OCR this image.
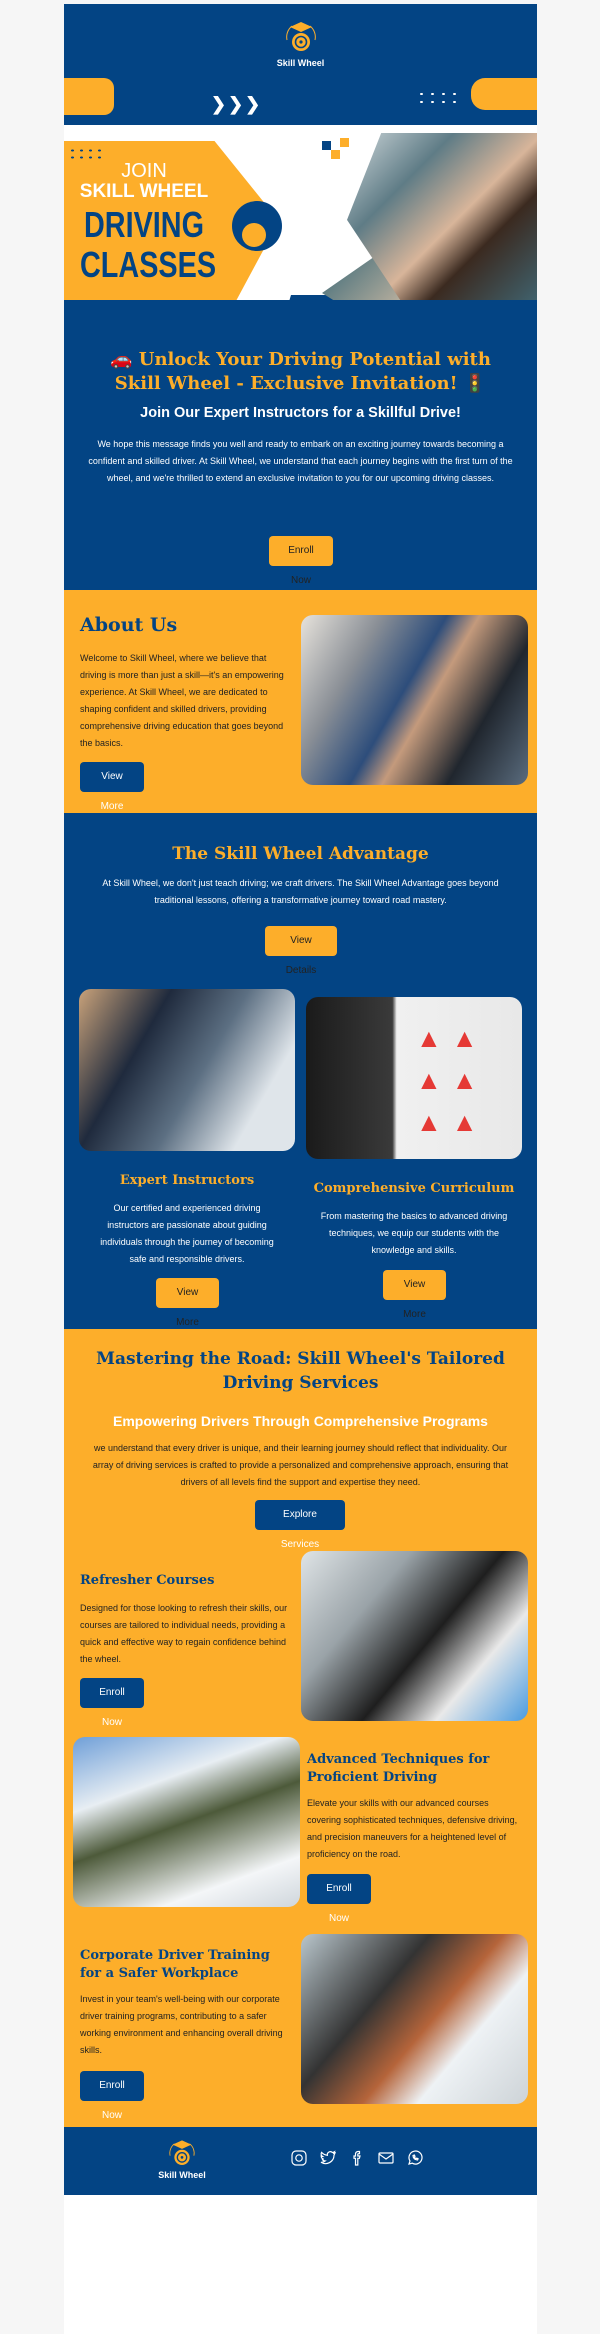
Skill Wheel
❯❯❯
JOIN
SKILL WHEEL
DRIVING
CLASSES
🚗 Unlock Your Driving Potential with Skill Wheel - Exclusive Invitation! 🚦
Join Our Expert Instructors for a Skillful Drive!

We hope this message finds you well and ready to embark on an exciting journey towards becoming a confident and skilled driver. At Skill Wheel, we understand that each journey begins with the first turn of the wheel, and we're thrilled to extend an exclusive invitation to you for our upcoming driving classes.

Enroll Now
About Us

Welcome to Skill Wheel, where we believe that driving is more than just a skill—it's an empowering experience. At Skill Wheel, we are dedicated to shaping confident and skilled drivers, providing comprehensive driving education that goes beyond the basics.

View More
The Skill Wheel Advantage

At Skill Wheel, we don't just teach driving; we craft drivers. The Skill Wheel Advantage goes beyond traditional lessons, offering a transformative journey toward road mastery.

View Details
Expert Instructors

Our certified and experienced driving instructors are passionate about guiding individuals through the journey of becoming safe and responsible drivers.

View More
▲▲
▲▲
▲▲
Comprehensive Curriculum

From mastering the basics to advanced driving techniques, we equip our students with the knowledge and skills.

View More
Mastering the Road: Skill Wheel's Tailored Driving Services
Empowering Drivers Through Comprehensive Programs

we understand that every driver is unique, and their learning journey should reflect that individuality. Our array of driving services is crafted to provide a personalized and comprehensive approach, ensuring that drivers of all levels find the support and expertise they need.

Explore Services
Refresher Courses

Designed for those looking to refresh their skills, our courses are tailored to individual needs, providing a quick and effective way to regain confidence behind the wheel.

Enroll Now
Advanced Techniques for Proficient Driving

Elevate your skills with our advanced courses covering sophisticated techniques, defensive driving, and precision maneuvers for a heightened level of proficiency on the road.

Enroll Now
Corporate Driver Training for a Safer Workplace

Invest in your team's well-being with our corporate driver training programs, contributing to a safer working environment and enhancing overall driving skills.

Enroll Now
Skill Wheel
